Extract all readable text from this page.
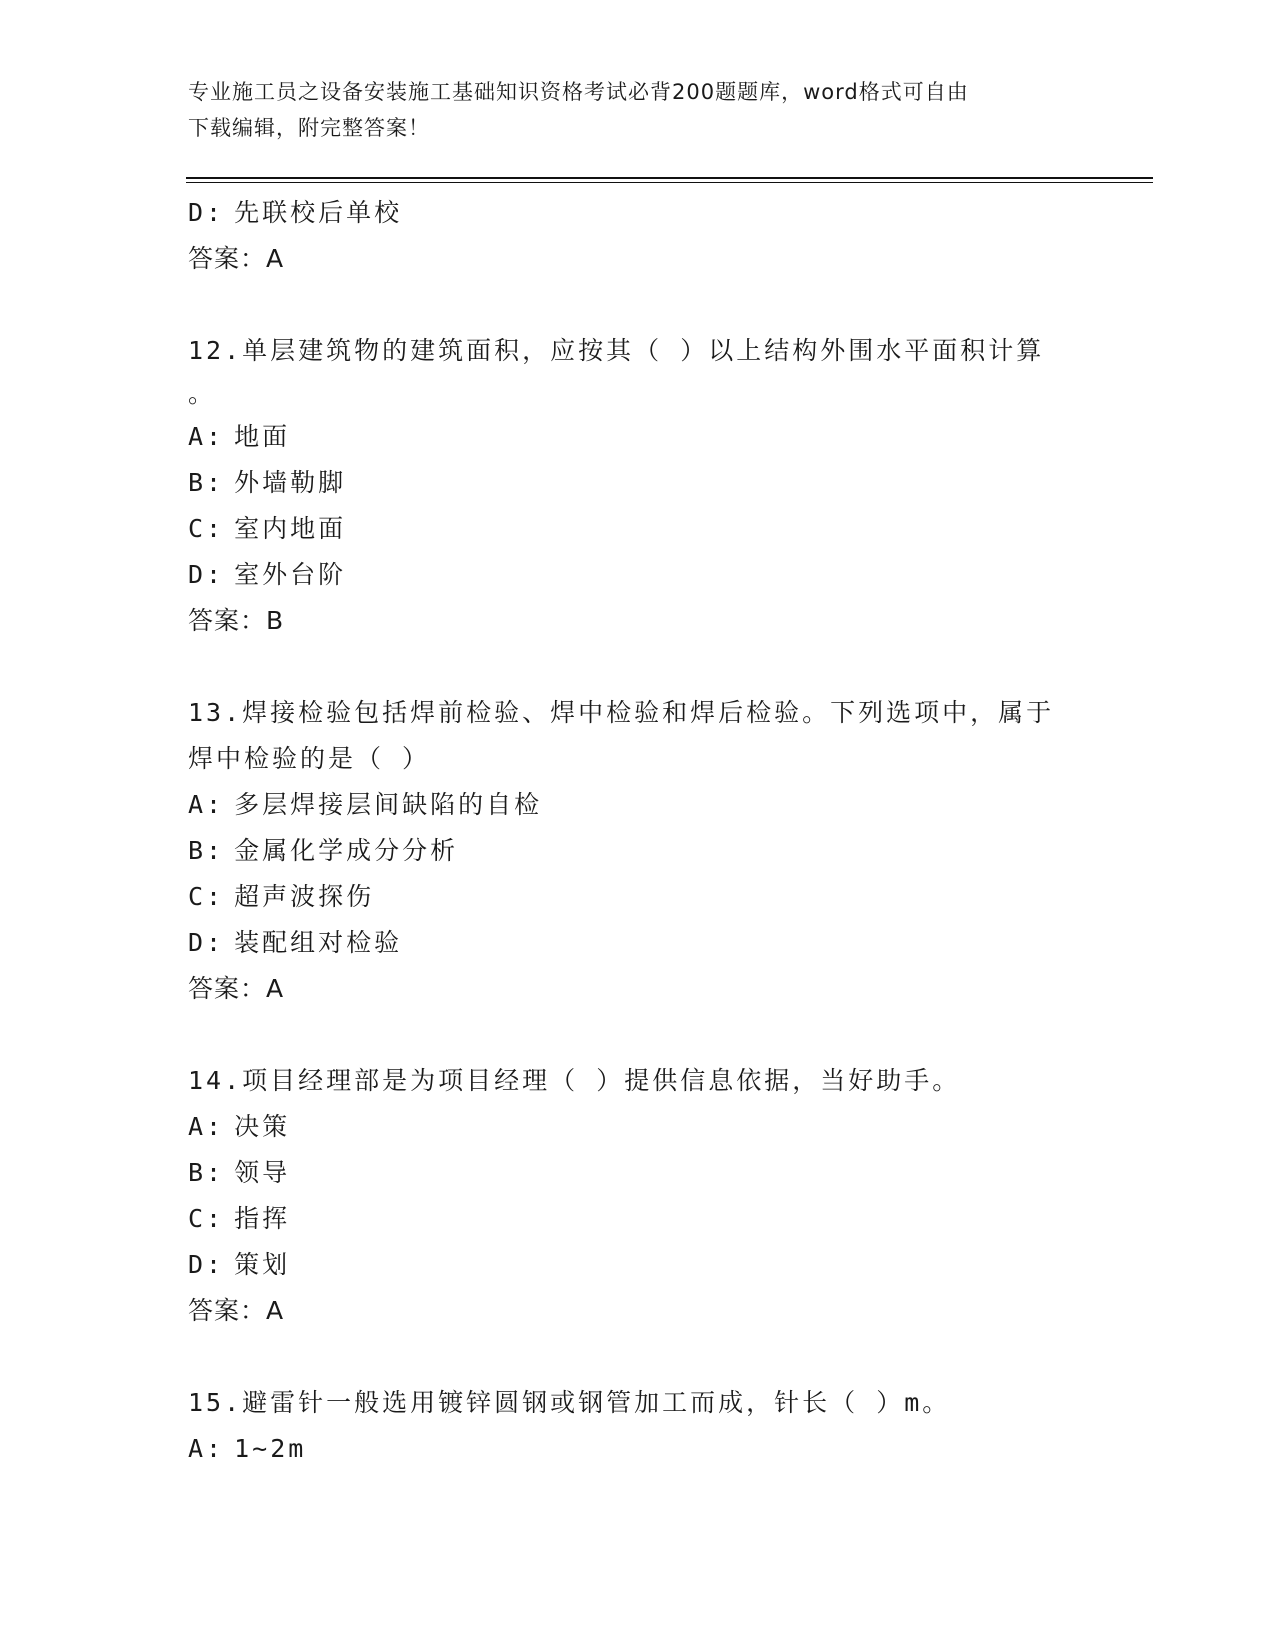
专业施工员之设备安装施工基础知识资格考试必背200题题库，word格式可自由
下载编辑，附完整答案！
D: 先联校后单校
答案：A
12.单层建筑物的建筑面积，应按其（ ）以上结构外围水平面积计算
。
A: 地面
B: 外墙勒脚
C: 室内地面
D: 室外台阶
答案：B
13.焊接检验包括焊前检验、焊中检验和焊后检验。下列选项中，属于
焊中检验的是（ ）
A: 多层焊接层间缺陷的自检
B: 金属化学成分分析
C: 超声波探伤
D: 装配组对检验
答案：A
14.项目经理部是为项目经理（ ）提供信息依据，当好助手。
A: 决策
B: 领导
C: 指挥
D: 策划
答案：A
15.避雷针一般选用镀锌圆钢或钢管加工而成，针长（ ）m。
A: 1~2m
